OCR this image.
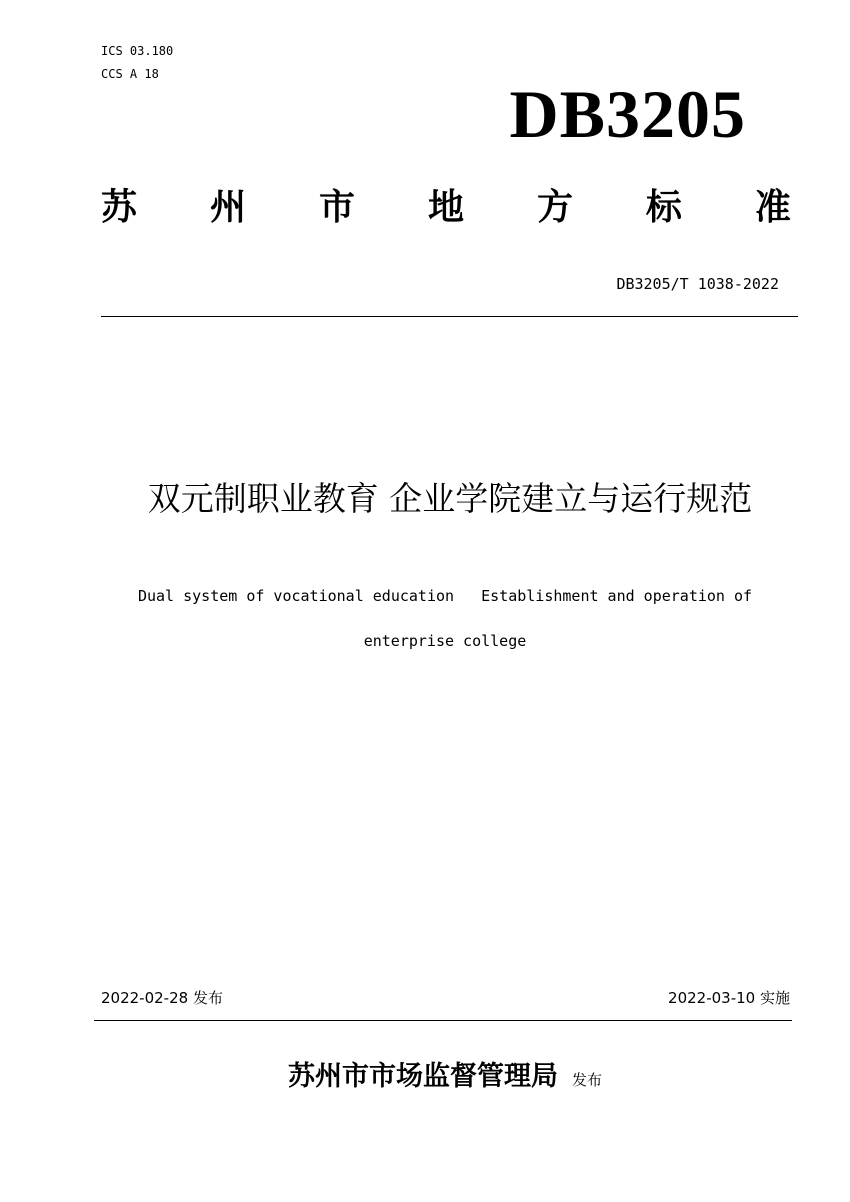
ICS 03.180
CCS A 18
DB3205
苏 州 市 地 方 标 准
DB3205/T 1038-2022
双元制职业教育 企业学院建立与运行规范
Dual system of vocational education   Establishment and operation of
enterprise college
2022-02-28 发布	2022-03-10 实施
苏州市市场监督管理局 发布
